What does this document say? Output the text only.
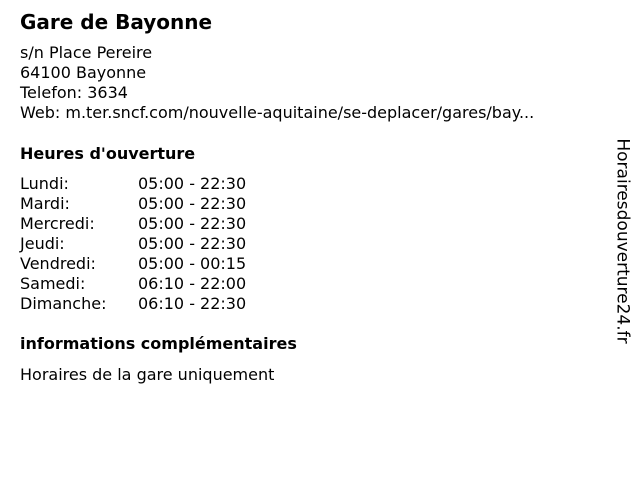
Gare de Bayonne
s/n Place Pereire
64100 Bayonne
Telefon: 3634
Web: m.ter.sncf.com/nouvelle-aquitaine/se-deplacer/gares/bay...
Heures d'ouverture
Lundi:	05:00 - 22:30
Mardi:	05:00 - 22:30
Mercredi:	05:00 - 22:30
Jeudi:	05:00 - 22:30
Vendredi:	05:00 - 00:15
Samedi:	06:10 - 22:00
Dimanche: 06:10 - 22:30
informations complémentaires
Horaires de la gare uniquement
Horairesdouverture24.fr
